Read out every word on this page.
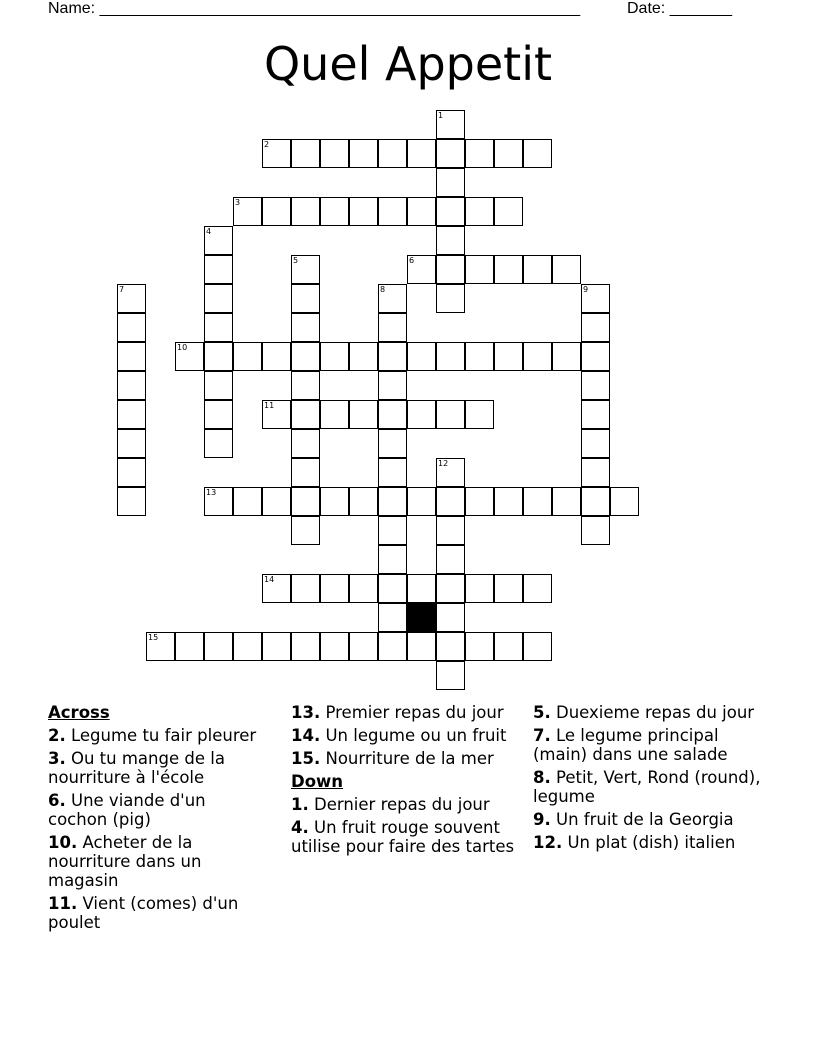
Name: ______________________________________________________	Date: _______
Quel Appetit
1
2
3
4
5	6
7	8	9
10
11
12
13
14
15
Across
2. Legume tu fair pleurer
3. Ou tu mange de la nourriture à l'école
6. Une viande d'un cochon (pig)
10. Acheter de la nourriture dans un magasin
11. Vient (comes) d'un poulet
13. Premier repas du jour
14. Un legume ou un fruit
15. Nourriture de la mer
Down
1. Dernier repas du jour
4. Un fruit rouge souvent utilise pour faire des tartes
5. Duexieme repas du jour
7. Le legume principal (main) dans une salade
8. Petit, Vert, Rond (round), legume
9. Un fruit de la Georgia
12. Un plat (dish) italien
